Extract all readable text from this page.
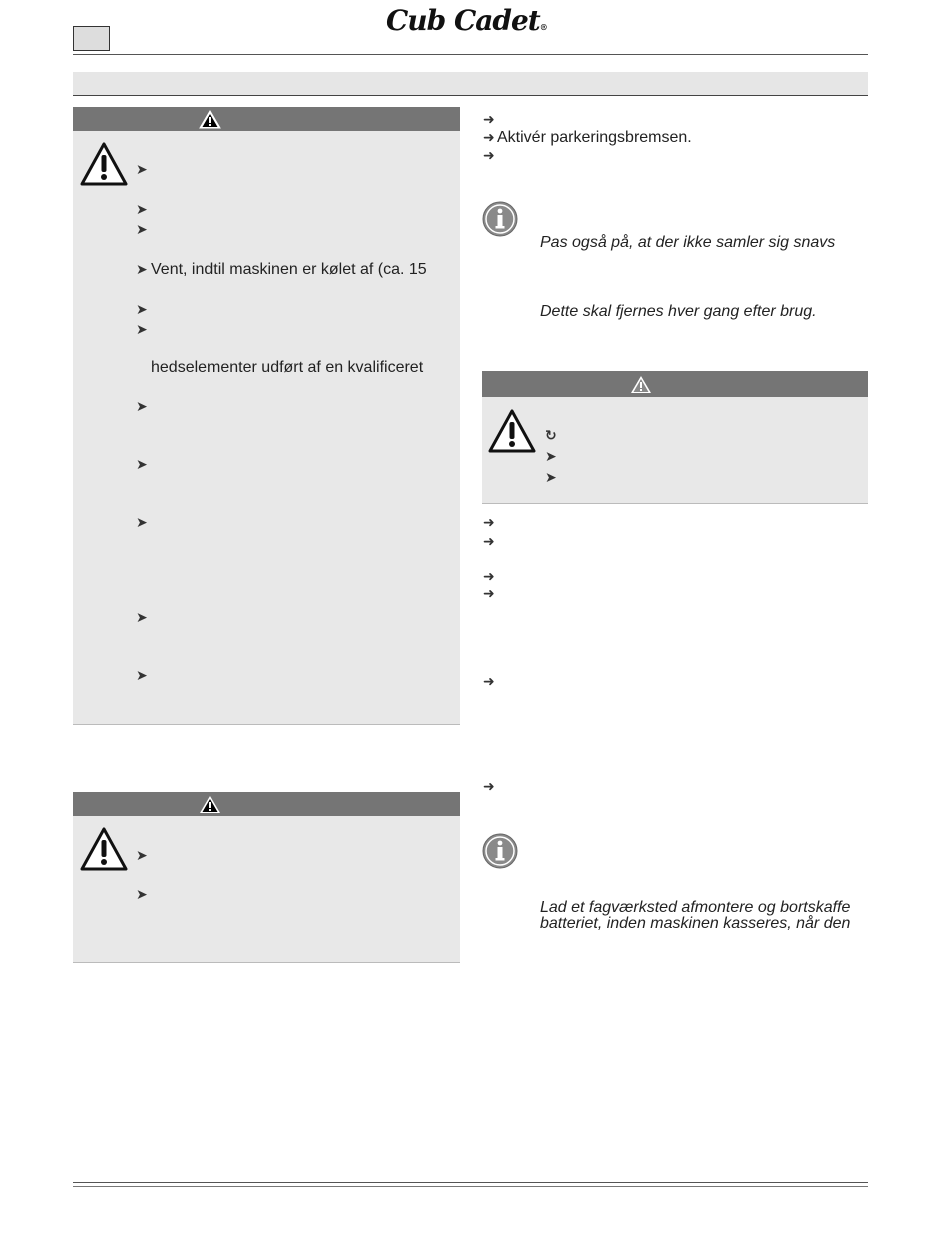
Cub Cadet®
➤
➤
➤
➤ Vent, indtil maskinen er kølet af (ca. 15
➤
➤
hedselementer udført af en kvalificeret
➤
➤
➤
➤
➤
➤
➤
➜
➜ Aktivér parkeringsbremsen.
➜
Pas også på, at der ikke samler sig snavs
Dette skal fjernes hver gang efter brug.
↻
➤
➤
➜
➜
➜
➜
➜
➜
Lad et fagværksted afmontere og bortskaffe
batteriet, inden maskinen kasseres, når den
